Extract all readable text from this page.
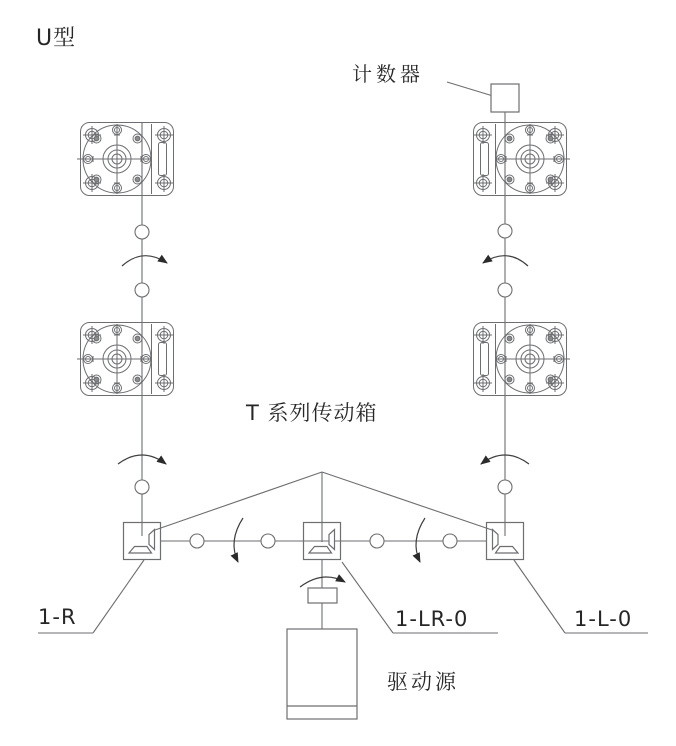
U型
计数器
T 系列传动箱
1-R	1-LR-0	1-L-0
驱动源
